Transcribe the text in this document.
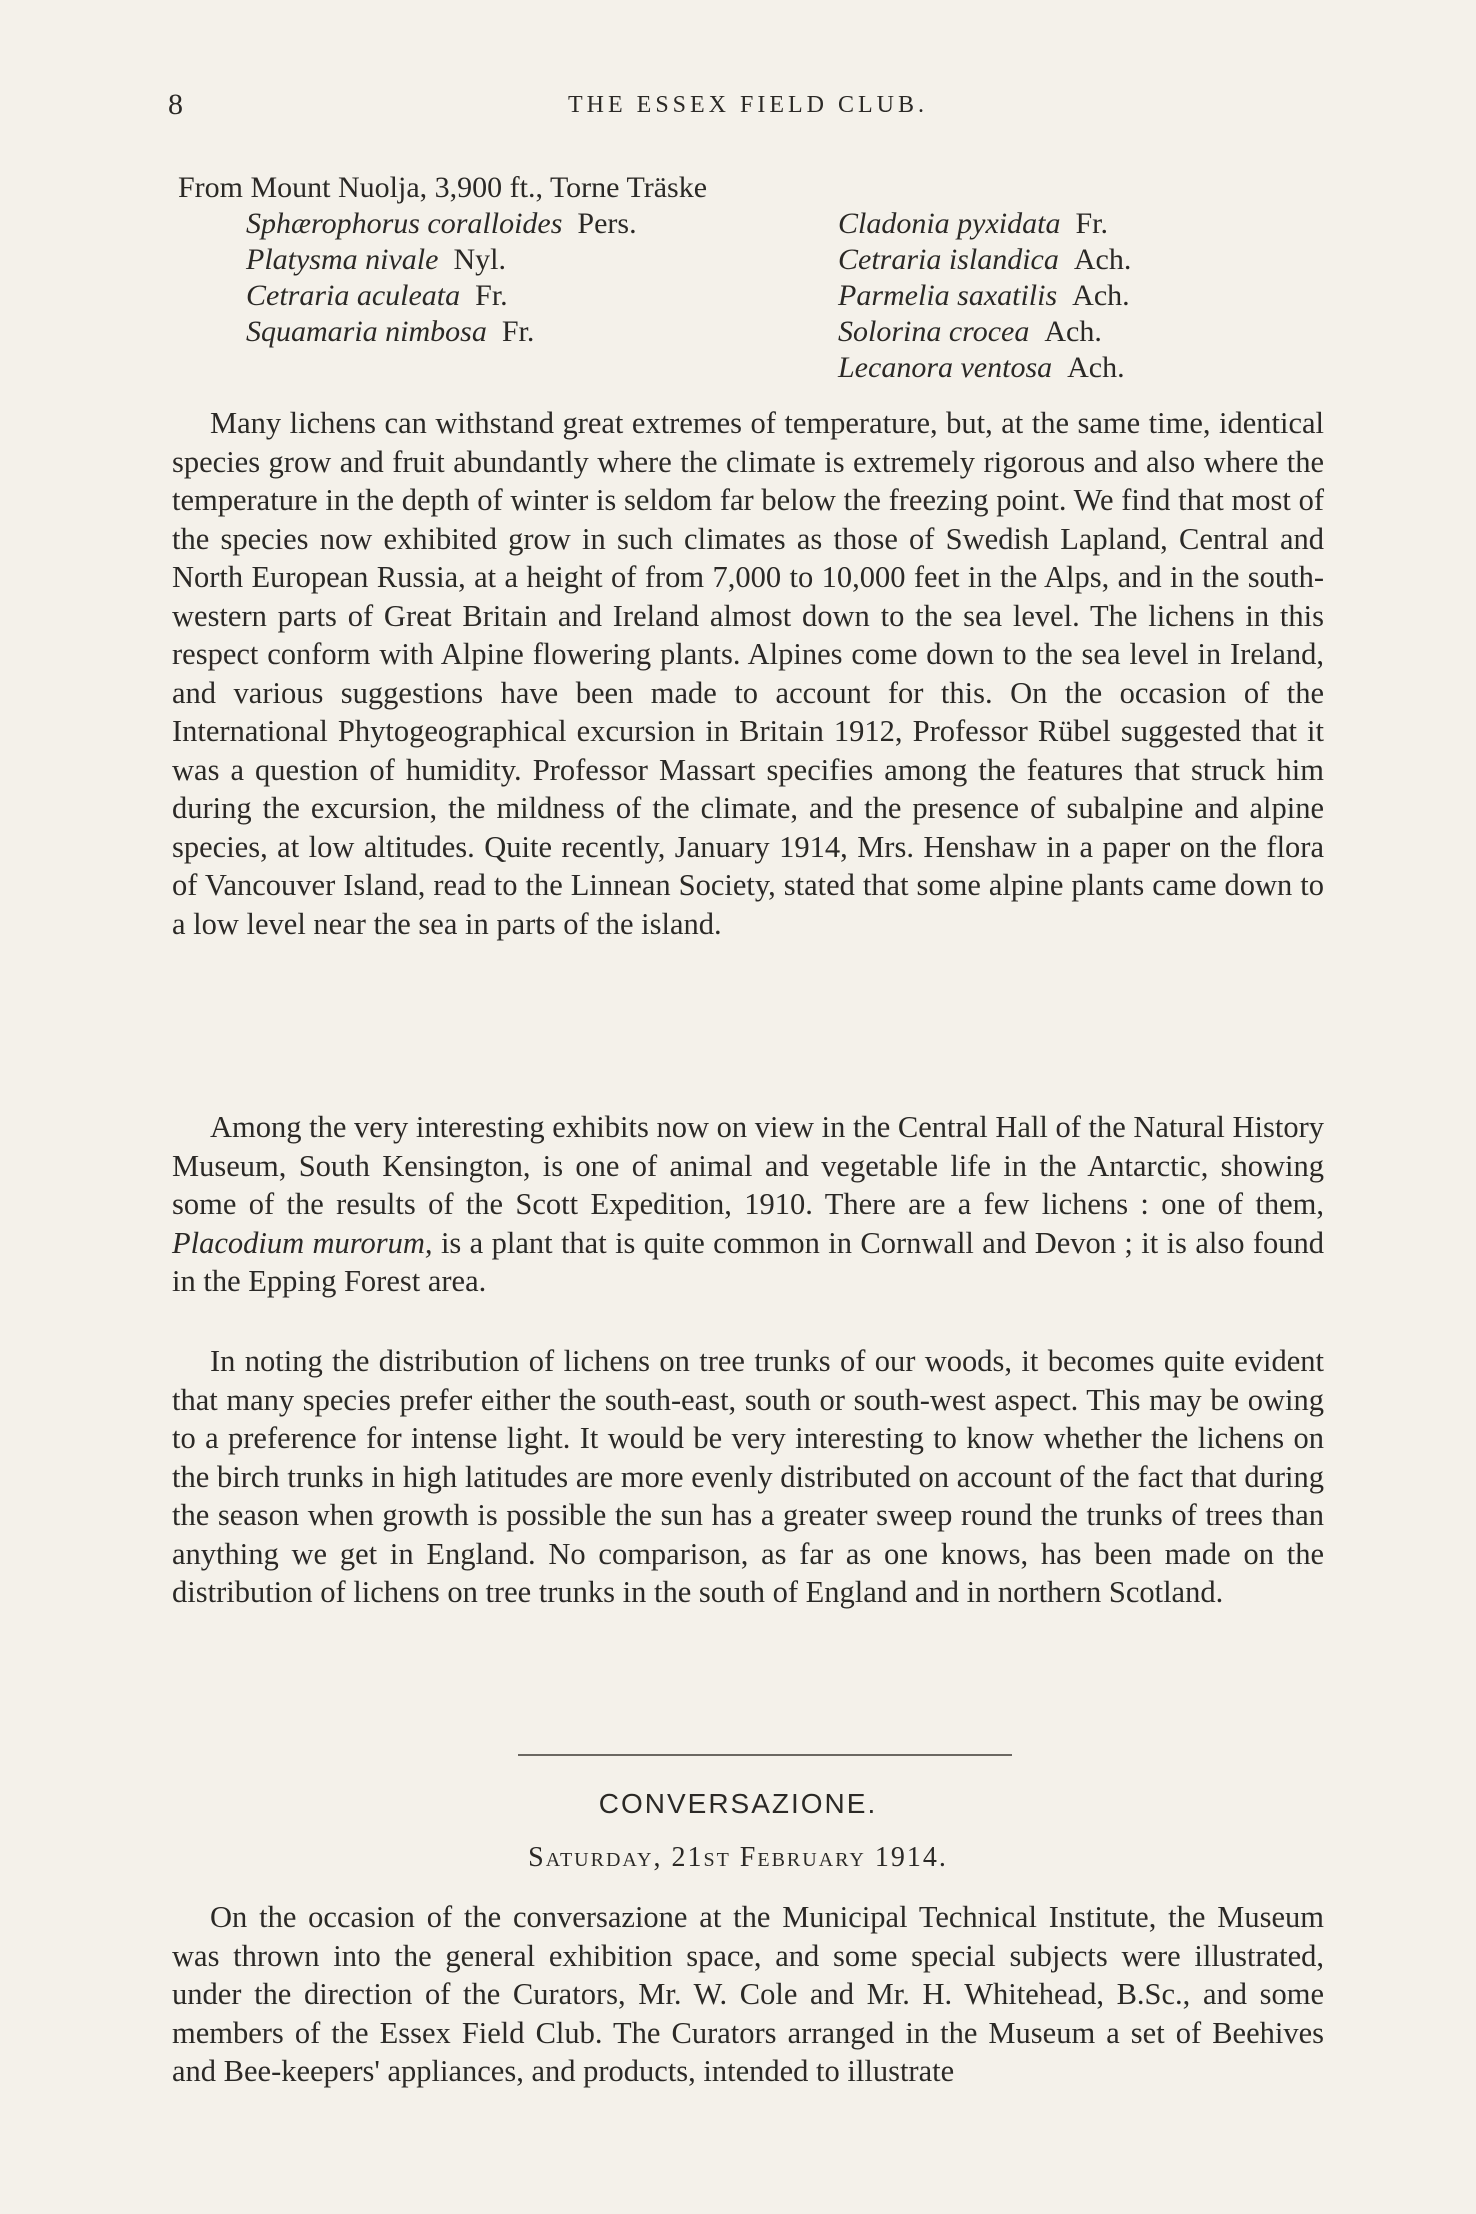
8	THE ESSEX FIELD CLUB.
From Mount Nuolja, 3,900 ft., Torne Träske
Sphærophorus coralloides Pers.
Platysma nivale Nyl.
Cetraria aculeata Fr.
Squamaria nimbosa Fr.
Cladonia pyxidata Fr.
Cetraria islandica Ach.
Parmelia saxatilis Ach.
Solorina crocea Ach.
Lecanora ventosa Ach.

Many lichens can withstand great extremes of temperature, but, at the same time, identical species grow and fruit abundantly where the climate is extremely rigorous and also where the temperature in the depth of winter is seldom far below the freezing point. We find that most of the species now exhibited grow in such climates as those of Swedish Lapland, Central and North European Russia, at a height of from 7,000 to 10,000 feet in the Alps, and in the south-western parts of Great Britain and Ireland almost down to the sea level. The lichens in this respect conform with Alpine flowering plants. Alpines come down to the sea level in Ireland, and various suggestions have been made to account for this. On the occasion of the International Phytogeographical excursion in Britain 1912, Professor Rübel suggested that it was a question of humidity. Professor Massart specifies among the features that struck him during the excursion, the mildness of the climate, and the presence of subalpine and alpine species, at low altitudes. Quite recently, January 1914, Mrs. Henshaw in a paper on the flora of Vancouver Island, read to the Linnean Society, stated that some alpine plants came down to a low level near the sea in parts of the island.

Among the very interesting exhibits now on view in the Central Hall of the Natural History Museum, South Kensington, is one of animal and vegetable life in the Antarctic, showing some of the results of the Scott Expedition, 1910. There are a few lichens : one of them, Placodium murorum, is a plant that is quite common in Cornwall and Devon ; it is also found in the Epping Forest area.

In noting the distribution of lichens on tree trunks of our woods, it becomes quite evident that many species prefer either the south-east, south or south-west aspect. This may be owing to a preference for intense light. It would be very interesting to know whether the lichens on the birch trunks in high latitudes are more evenly distributed on account of the fact that during the season when growth is possible the sun has a greater sweep round the trunks of trees than anything we get in England. No comparison, as far as one knows, has been made on the distribution of lichens on tree trunks in the south of England and in northern Scotland.

CONVERSAZIONE.
Saturday, 21st February 1914.

On the occasion of the conversazione at the Municipal Technical Institute, the Museum was thrown into the general exhibition space, and some special subjects were illustrated, under the direction of the Curators, Mr. W. Cole and Mr. H. Whitehead, B.Sc., and some members of the Essex Field Club. The Curators arranged in the Museum a set of Beehives and Bee-keepers' appliances, and products, intended to illustrate
